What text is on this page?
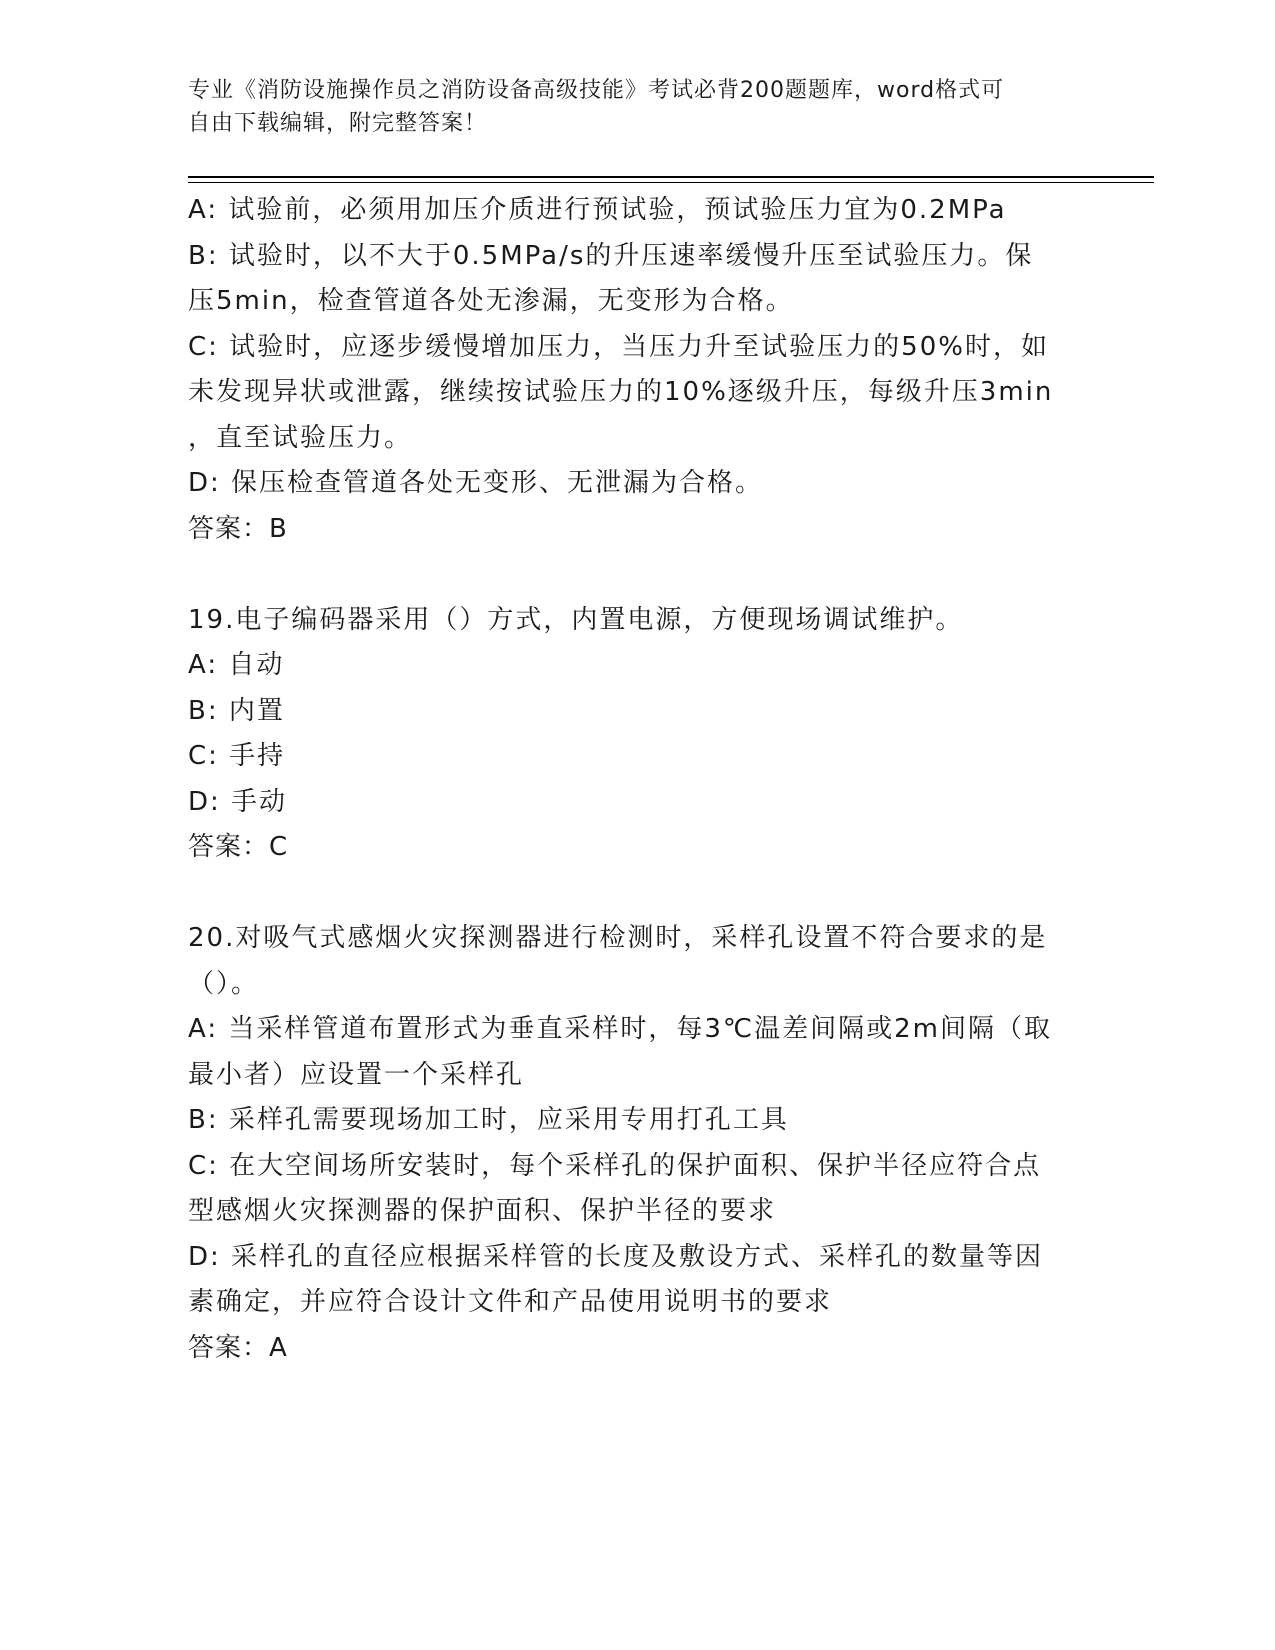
专业《消防设施操作员之消防设备高级技能》考试必背200题题库，word格式可

自由下载编辑，附完整答案！

A: 试验前，必须用加压介质进行预试验，预试验压力宜为0.2MPa

B: 试验时，以不大于0.5MPa/s的升压速率缓慢升压至试验压力。保

压5min，检查管道各处无渗漏，无变形为合格。

C: 试验时，应逐步缓慢增加压力，当压力升至试验压力的50%时，如

未发现异状或泄露，继续按试验压力的10%逐级升压，每级升压3min

，直至试验压力。

D: 保压检查管道各处无变形、无泄漏为合格。

答案：B

19.电子编码器采用（）方式，内置电源，方便现场调试维护。

A: 自动

B: 内置

C: 手持

D: 手动

答案：C

20.对吸气式感烟火灾探测器进行检测时，采样孔设置不符合要求的是

（）。

A: 当采样管道布置形式为垂直采样时，每3℃温差间隔或2m间隔（取

最小者）应设置一个采样孔

B: 采样孔需要现场加工时，应采用专用打孔工具

C: 在大空间场所安装时，每个采样孔的保护面积、保护半径应符合点

型感烟火灾探测器的保护面积、保护半径的要求

D: 采样孔的直径应根据采样管的长度及敷设方式、采样孔的数量等因

素确定，并应符合设计文件和产品使用说明书的要求

答案：A
